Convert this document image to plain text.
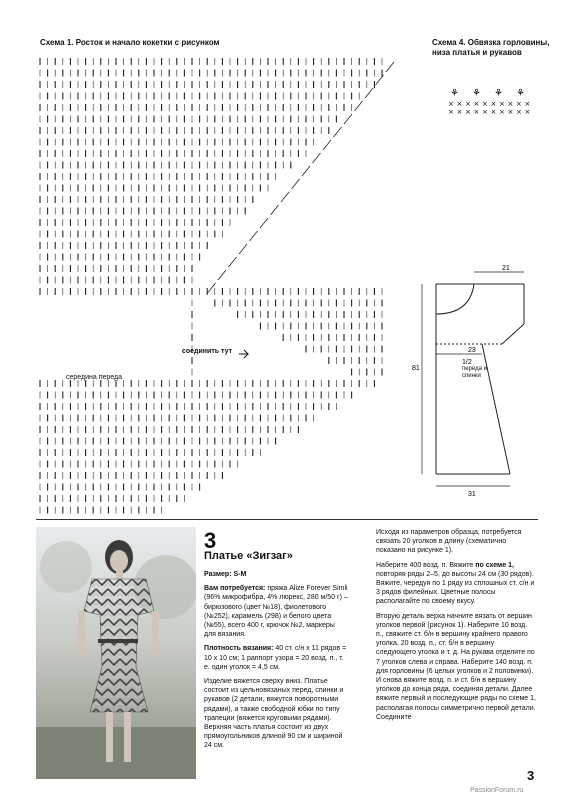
Схема 1. Росток и начало кокетки с рисунком	Схема 4. Обвязка горловины, низа платья и рукавов
соединить тут
середина переда
⚘ ⚘ ⚘ ⚘
× × × × × × × × × ×
× × × × × × × × × ×
21
23
81
31
1/2
переда и спинки
3
Платье «Зигзаг»

Размер: S-M

Вам потребуется: пряжа Alize Forever Simli (96% микрофибра, 4% люрекс, 280 м/50 г) – бирюзового (цвет №18), фиолетового (№252), карамель (298) и белого цвета (№55), всего 400 г, крючок №2, маркеры для вязания.

Плотность вязания: 40 ст. с/н х 11 рядов = 10 х 10 см; 1 раппорт узора = 20 возд. п., т. е. один уголок = 4,5 см.

Изделие вяжется сверху вниз. Платье состоит из цельновязаных перед, спинки и рукавов (2 детали, вяжутся поворотными рядами), а также свободной юбки по типу трапеции (вяжется круговыми рядами). Верхняя часть платья состоит из двух прямоугольников длиной 90 см и шириной 24 см.

Исходя из параметров образца, потребуется связать 20 уголков в длину (схематично показано на рисунке 1).

Наберите 400 возд. п. Вяжите по схеме 1, повторяя ряды 2–5, до высоты 24 см (30 рядов). Вяжите, чередуя по 1 ряду из сплошных ст. с/н и 3 рядов филейных. Цветные полосы располагайте по своему вкусу.

Вторую деталь верха начните вязать от вершин уголков первой (рисунок 1). Наберите 10 возд. п., свяжите ст. б/н в вершину крайнего правого уголка, 20 возд. п., ст. б/н в вершину следующего уголка и т. д. На рукава отделите по 7 уголков слева и справа. Наберите 140 возд. п. для горловины (6 целых уголков и 2 половинки). И снова вяжите возд. п. и ст. б/н в вершину уголков до конца ряда, соединяя детали. Далее вяжите первый и последующие ряды по схеме 1, располагая полосы симметрично первой детали. Соедините

3
PassionForum.ru
